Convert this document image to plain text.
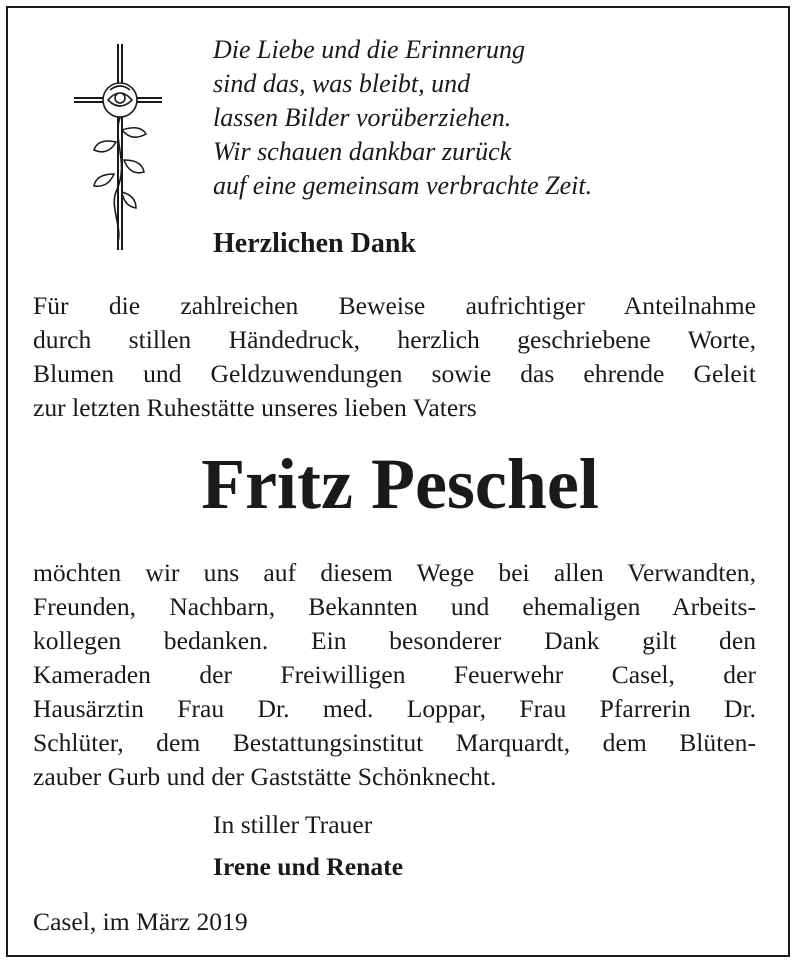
Die Liebe und die Erinnerung
sind das, was bleibt, und
lassen Bilder vorüberziehen.
Wir schauen dankbar zurück
auf eine gemeinsam verbrachte Zeit.
Herzlichen Dank
Für die zahlreichen Beweise aufrichtiger Anteilnahme
durch stillen Händedruck, herzlich geschriebene Worte,
Blumen und Geldzuwendungen sowie das ehrende Geleit
zur letzten Ruhestätte unseres lieben Vaters
Fritz Peschel
möchten wir uns auf diesem Wege bei allen Verwandten,
Freunden, Nachbarn, Bekannten und ehemaligen Arbeits-
kollegen bedanken. Ein besonderer Dank gilt den
Kameraden der Freiwilligen Feuerwehr Casel, der
Hausärztin Frau Dr. med. Loppar, Frau Pfarrerin Dr.
Schlüter, dem Bestattungsinstitut Marquardt, dem Blüten-
zauber Gurb und der Gaststätte Schönknecht.
In stiller Trauer
Irene und Renate
Casel, im März 2019
